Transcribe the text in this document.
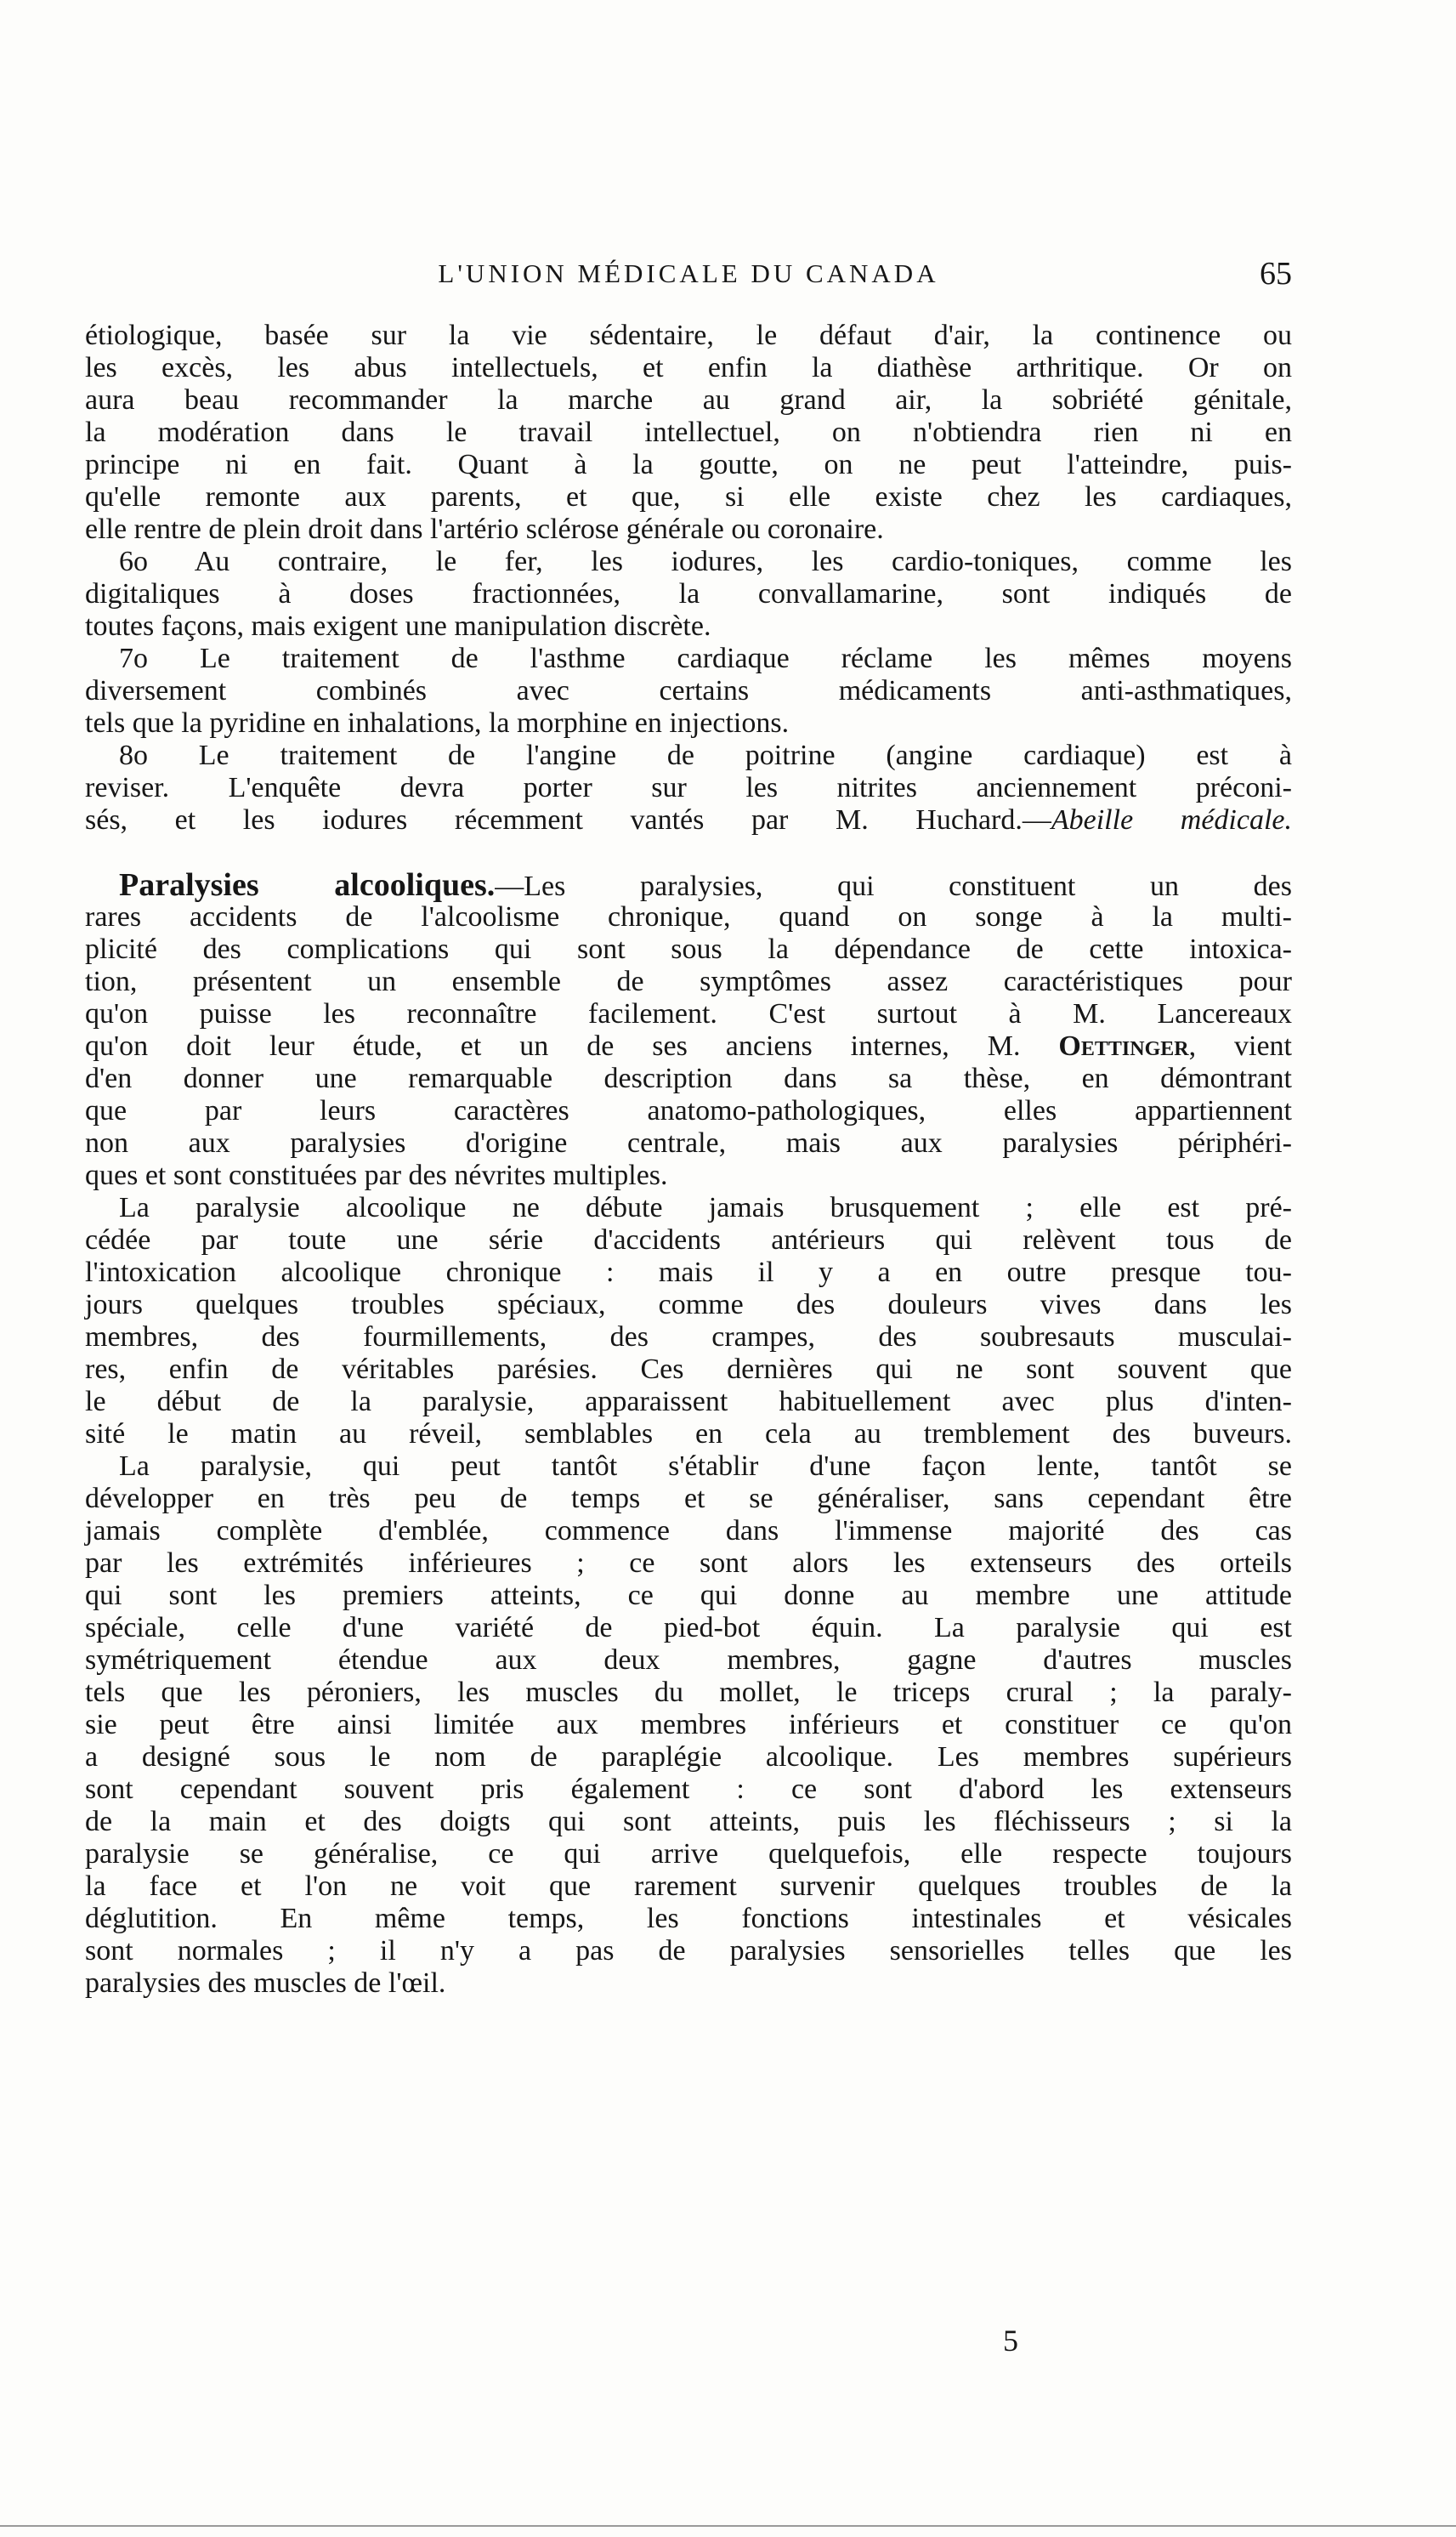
L'UNION MÉDICALE DU CANADA	65
étiologique, basée sur la vie sédentaire, le défaut d'air, la continence ou
les excès, les abus intellectuels, et enfin la diathèse arthritique. Or on
aura beau recommander la marche au grand air, la sobriété génitale,
la modération dans le travail intellectuel, on n'obtiendra rien ni en
principe ni en fait. Quant à la goutte, on ne peut l'atteindre, puis-
qu'elle remonte aux parents, et que, si elle existe chez les cardiaques,
elle rentre de plein droit dans l'artério sclérose générale ou coronaire.
6o Au contraire, le fer, les iodures, les cardio-toniques, comme les
digitaliques à doses fractionnées, la convallamarine, sont indiqués de
toutes façons, mais exigent une manipulation discrète.
7o Le traitement de l'asthme cardiaque réclame les mêmes moyens
diversement combinés avec certains médicaments anti-asthmatiques,
tels que la pyridine en inhalations, la morphine en injections.
8o Le traitement de l'angine de poitrine (angine cardiaque) est à
reviser. L'enquête devra porter sur les nitrites anciennement préconi-
sés, et les iodures récemment vantés par M. Huchard.—Abeille médicale.
Paralysies alcooliques.—Les paralysies, qui constituent un des
rares accidents de l'alcoolisme chronique, quand on songe à la multi-
plicité des complications qui sont sous la dépendance de cette intoxica-
tion, présentent un ensemble de symptômes assez caractéristiques pour
qu'on puisse les reconnaître facilement. C'est surtout à M. Lancereaux
qu'on doit leur étude, et un de ses anciens internes, M. Oettinger, vient
d'en donner une remarquable description dans sa thèse, en démontrant
que par leurs caractères anatomo-pathologiques, elles appartiennent
non aux paralysies d'origine centrale, mais aux paralysies périphéri-
ques et sont constituées par des névrites multiples.
La paralysie alcoolique ne débute jamais brusquement ; elle est pré-
cédée par toute une série d'accidents antérieurs qui relèvent tous de
l'intoxication alcoolique chronique : mais il y a en outre presque tou-
jours quelques troubles spéciaux, comme des douleurs vives dans les
membres, des fourmillements, des crampes, des soubresauts musculai-
res, enfin de véritables parésies. Ces dernières qui ne sont souvent que
le début de la paralysie, apparaissent habituellement avec plus d'inten-
sité le matin au réveil, semblables en cela au tremblement des buveurs.
La paralysie, qui peut tantôt s'établir d'une façon lente, tantôt se
développer en très peu de temps et se généraliser, sans cependant être
jamais complète d'emblée, commence dans l'immense majorité des cas
par les extrémités inférieures ; ce sont alors les extenseurs des orteils
qui sont les premiers atteints, ce qui donne au membre une attitude
spéciale, celle d'une variété de pied-bot équin. La paralysie qui est
symétriquement étendue aux deux membres, gagne d'autres muscles
tels que les péroniers, les muscles du mollet, le triceps crural ; la paraly-
sie peut être ainsi limitée aux membres inférieurs et constituer ce qu'on
a designé sous le nom de paraplégie alcoolique. Les membres supérieurs
sont cependant souvent pris également : ce sont d'abord les extenseurs
de la main et des doigts qui sont atteints, puis les fléchisseurs ; si la
paralysie se généralise, ce qui arrive quelquefois, elle respecte toujours
la face et l'on ne voit que rarement survenir quelques troubles de la
déglutition. En même temps, les fonctions intestinales et vésicales
sont normales ; il n'y a pas de paralysies sensorielles telles que les
paralysies des muscles de l'œil.
5
